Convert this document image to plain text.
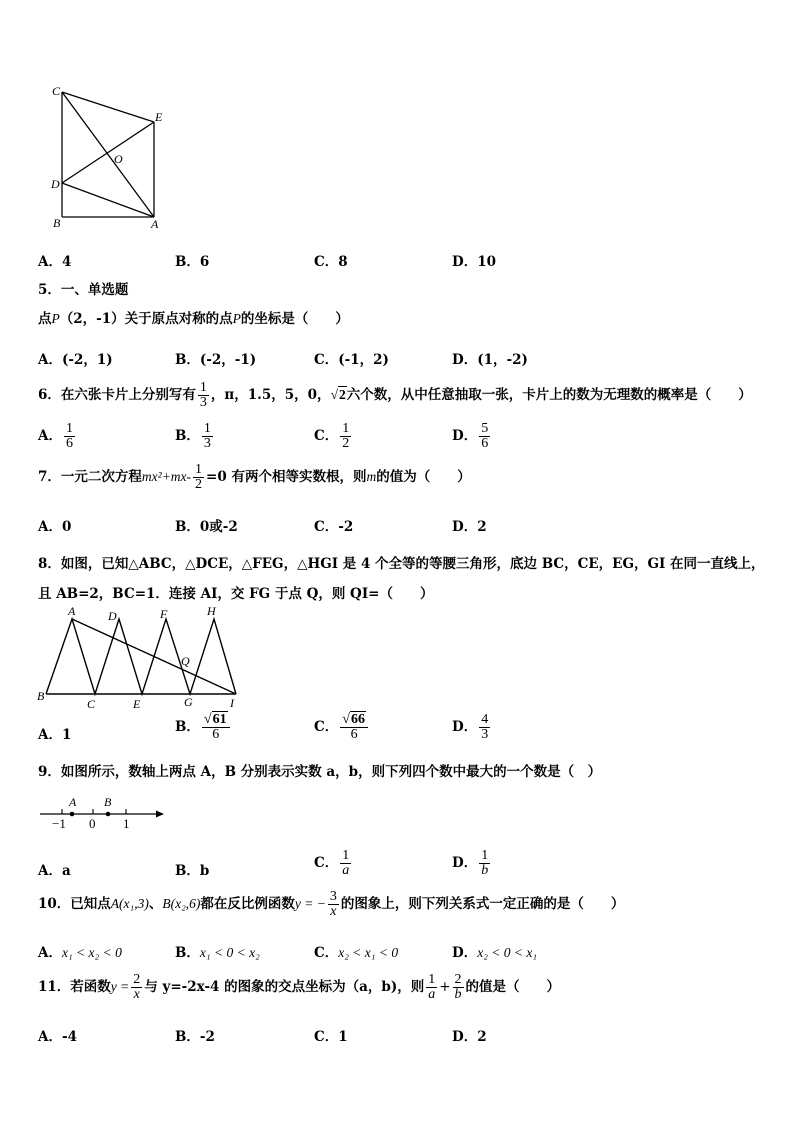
C
E
O
D
B	A
A．4	B．6	C．8	D．10
5．一、单选题
点P（2，-1）关于原点对称的点P的坐标是（　　）
A．(-2，1)	B．(-2，-1)	C．(-1，2)	D．(1，-2)
6．在六张卡片上分别写有 $\frac{1}{3}$ ，π，1.5，5，0，√2六个数，从中任意抽取一张，卡片上的数为无理数的概率是（　　）
A． $\frac{1}{6}$	B． $\frac{1}{3}$	C． $\frac{1}{2}$	D． $\frac{5}{6}$
7．一元二次方程$mx^2+mx- \frac{1}{2} =0$ 有两个相等实数根，则m的值为（　　）
A．0	B．0或-2	C．-2	D．2
8．如图，已知△ABC，△DCE，△FEG，△HGI 是 4 个全等的等腰三角形，底边 BC，CE，EG，GI 在同一直线上，
且 AB=2，BC=1．连接 AI，交 FG 于点 Q，则 QI=（　　）
A	D	F	H
Q
B
C	E	G	I
A．1	B． $\frac{√61}{6}$	C． $\frac{√66}{6}$	D． $\frac{4}{3}$
9．如图所示，数轴上两点 A，B 分别表示实数 a，b，则下列四个数中最大的一个数是（　）
A B
−1 0 1
A．a	B．b	C． $\frac{1}{a}$	D． $\frac{1}{b}$
10．已知点A(x₁,3)、B(x₂,6)都在反比例函数y = − $\frac{3}{x}$ 的图象上，则下列关系式一定正确的是（　　）
A．x₁ < x₂ < 0	B．x₁ < 0 < x₂	C．x₂ < x₁ < 0	D．x₂ < 0 < x₁
11．若函数$y = \frac{2}{x}$ 与 y=-2x-4 的图象的交点坐标为（a，b)，则 $\frac{1}{a} + \frac{2}{b}$ 的值是（　　）
A．-4	B．-2	C．1	D．2
